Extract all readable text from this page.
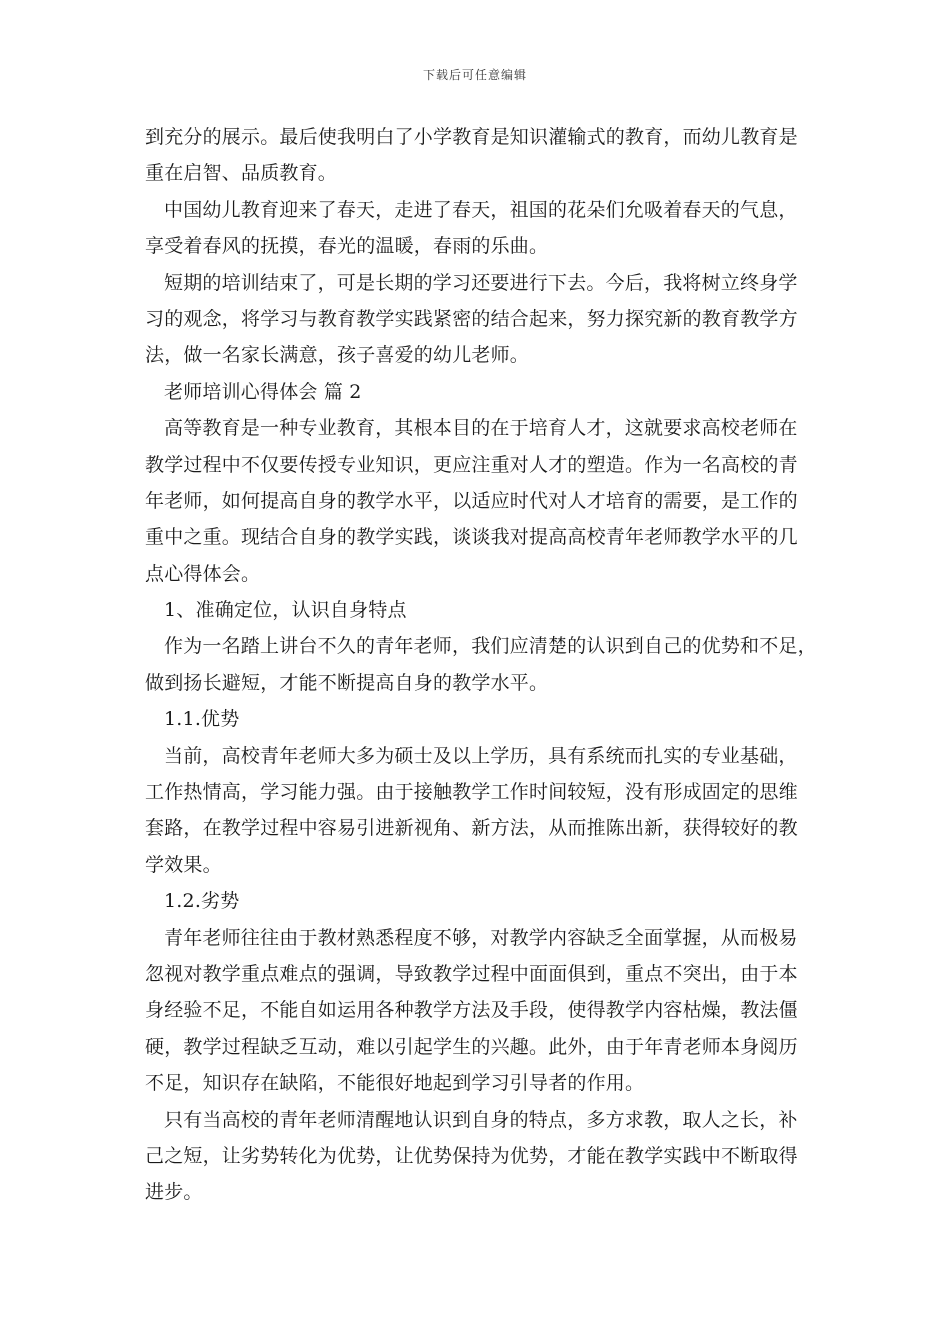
下载后可任意编辑
到充分的展示。最后使我明白了小学教育是知识灌输式的教育，而幼儿教育是
重在启智、品质教育。
中国幼儿教育迎来了春天，走进了春天，祖国的花朵们允吸着春天的气息，
享受着春风的抚摸，春光的温暖，春雨的乐曲。
短期的培训结束了，可是长期的学习还要进行下去。今后，我将树立终身学
习的观念，将学习与教育教学实践紧密的结合起来，努力探究新的教育教学方
法，做一名家长满意，孩子喜爱的幼儿老师。
老师培训心得体会 篇 2
高等教育是一种专业教育，其根本目的在于培育人才，这就要求高校老师在
教学过程中不仅要传授专业知识，更应注重对人才的塑造。作为一名高校的青
年老师，如何提高自身的教学水平，以适应时代对人才培育的需要，是工作的
重中之重。现结合自身的教学实践，谈谈我对提高高校青年老师教学水平的几
点心得体会。
1、准确定位，认识自身特点
作为一名踏上讲台不久的青年老师，我们应清楚的认识到自己的优势和不足，
做到扬长避短，才能不断提高自身的教学水平。
1.1.优势
当前，高校青年老师大多为硕士及以上学历，具有系统而扎实的专业基础，
工作热情高，学习能力强。由于接触教学工作时间较短，没有形成固定的思维
套路，在教学过程中容易引进新视角、新方法，从而推陈出新，获得较好的教
学效果。
1.2.劣势
青年老师往往由于教材熟悉程度不够，对教学内容缺乏全面掌握，从而极易
忽视对教学重点难点的强调，导致教学过程中面面俱到，重点不突出，由于本
身经验不足，不能自如运用各种教学方法及手段，使得教学内容枯燥，教法僵
硬，教学过程缺乏互动，难以引起学生的兴趣。此外，由于年青老师本身阅历
不足，知识存在缺陷，不能很好地起到学习引导者的作用。
只有当高校的青年老师清醒地认识到自身的特点，多方求教，取人之长，补
己之短，让劣势转化为优势，让优势保持为优势，才能在教学实践中不断取得
进步。
